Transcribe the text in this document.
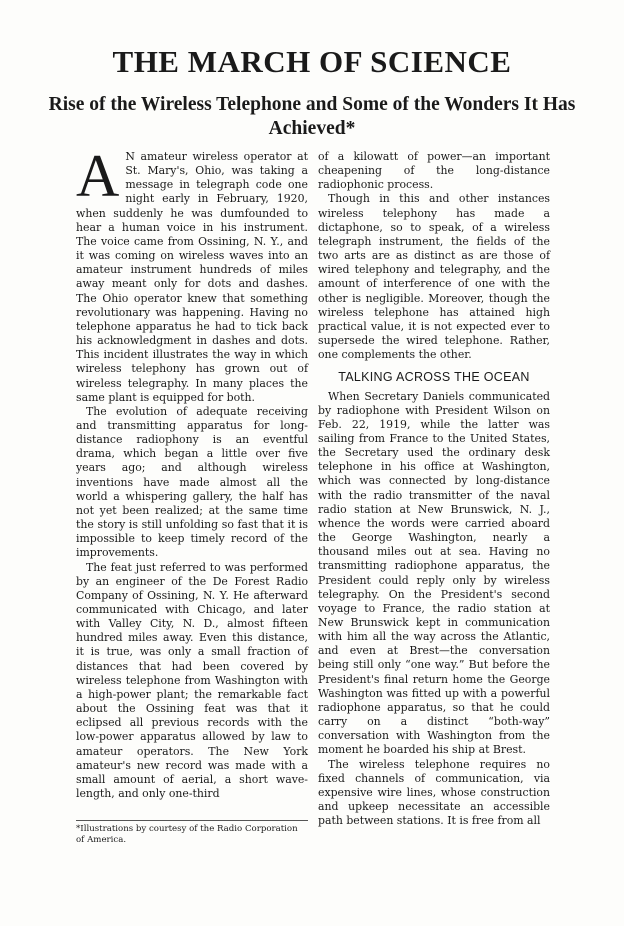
THE MARCH OF SCIENCE
Rise of the Wireless Telephone and Some of the Wonders It Has Achieved*

A N amateur wireless operator at St. Mary's, Ohio, was taking a message in telegraph code one night early in February, 1920, when suddenly he was dumfounded to hear a human voice in his instrument. The voice came from Ossining, N. Y., and it was coming on wireless waves into an amateur instrument hundreds of miles away meant only for dots and dashes. The Ohio operator knew that something revolutionary was happening. Having no telephone apparatus he had to tick back his acknowledgment in dashes and dots. This incident illustrates the way in which wireless telephony has grown out of wireless telegraphy. In many places the same plant is equipped for both.

The evolution of adequate receiving and transmitting apparatus for long-distance radiophony is an eventful drama, which began a little over five years ago; and although wireless inventions have made almost all the world a whispering gallery, the half has not yet been realized; at the same time the story is still unfolding so fast that it is impossible to keep timely record of the improvements.

The feat just referred to was performed by an engineer of the De Forest Radio Company of Ossining, N. Y. He afterward communicated with Chicago, and later with Valley City, N. D., almost fifteen hundred miles away. Even this distance, it is true, was only a small fraction of distances that had been covered by wireless telephone from Washington with a high-power plant; the remarkable fact about the Ossining feat was that it eclipsed all previous records with the low-power apparatus allowed by law to amateur operators. The New York amateur's new record was made with a small amount of aerial, a short wave-length, and only one-third

*Illustrations by courtesy of the Radio Corporation of America.

of a kilowatt of power—an important cheapening of the long-distance radiophonic process.

Though in this and other instances wireless telephony has made a dictaphone, so to speak, of a wireless telegraph instrument, the fields of the two arts are as distinct as are those of wired telephony and telegraphy, and the amount of interference of one with the other is negligible. Moreover, though the wireless telephone has attained high practical value, it is not expected ever to supersede the wired telephone. Rather, one complements the other.

TALKING ACROSS THE OCEAN

When Secretary Daniels communicated by radiophone with President Wilson on Feb. 22, 1919, while the latter was sailing from France to the United States, the Secretary used the ordinary desk telephone in his office at Washington, which was connected by long-distance with the radio transmitter of the naval radio station at New Brunswick, N. J., whence the words were carried aboard the George Washington, nearly a thousand miles out at sea. Having no transmitting radiophone apparatus, the President could reply only by wireless telegraphy. On the President's second voyage to France, the radio station at New Brunswick kept in communication with him all the way across the Atlantic, and even at Brest—the conversation being still only “one way.” But before the President's final return home the George Washington was fitted up with a powerful radiophone apparatus, so that he could carry on a distinct “both-way” conversation with Washington from the moment he boarded his ship at Brest.

The wireless telephone requires no fixed channels of communication, via expensive wire lines, whose construction and upkeep necessitate an accessible path between stations. It is free from all
